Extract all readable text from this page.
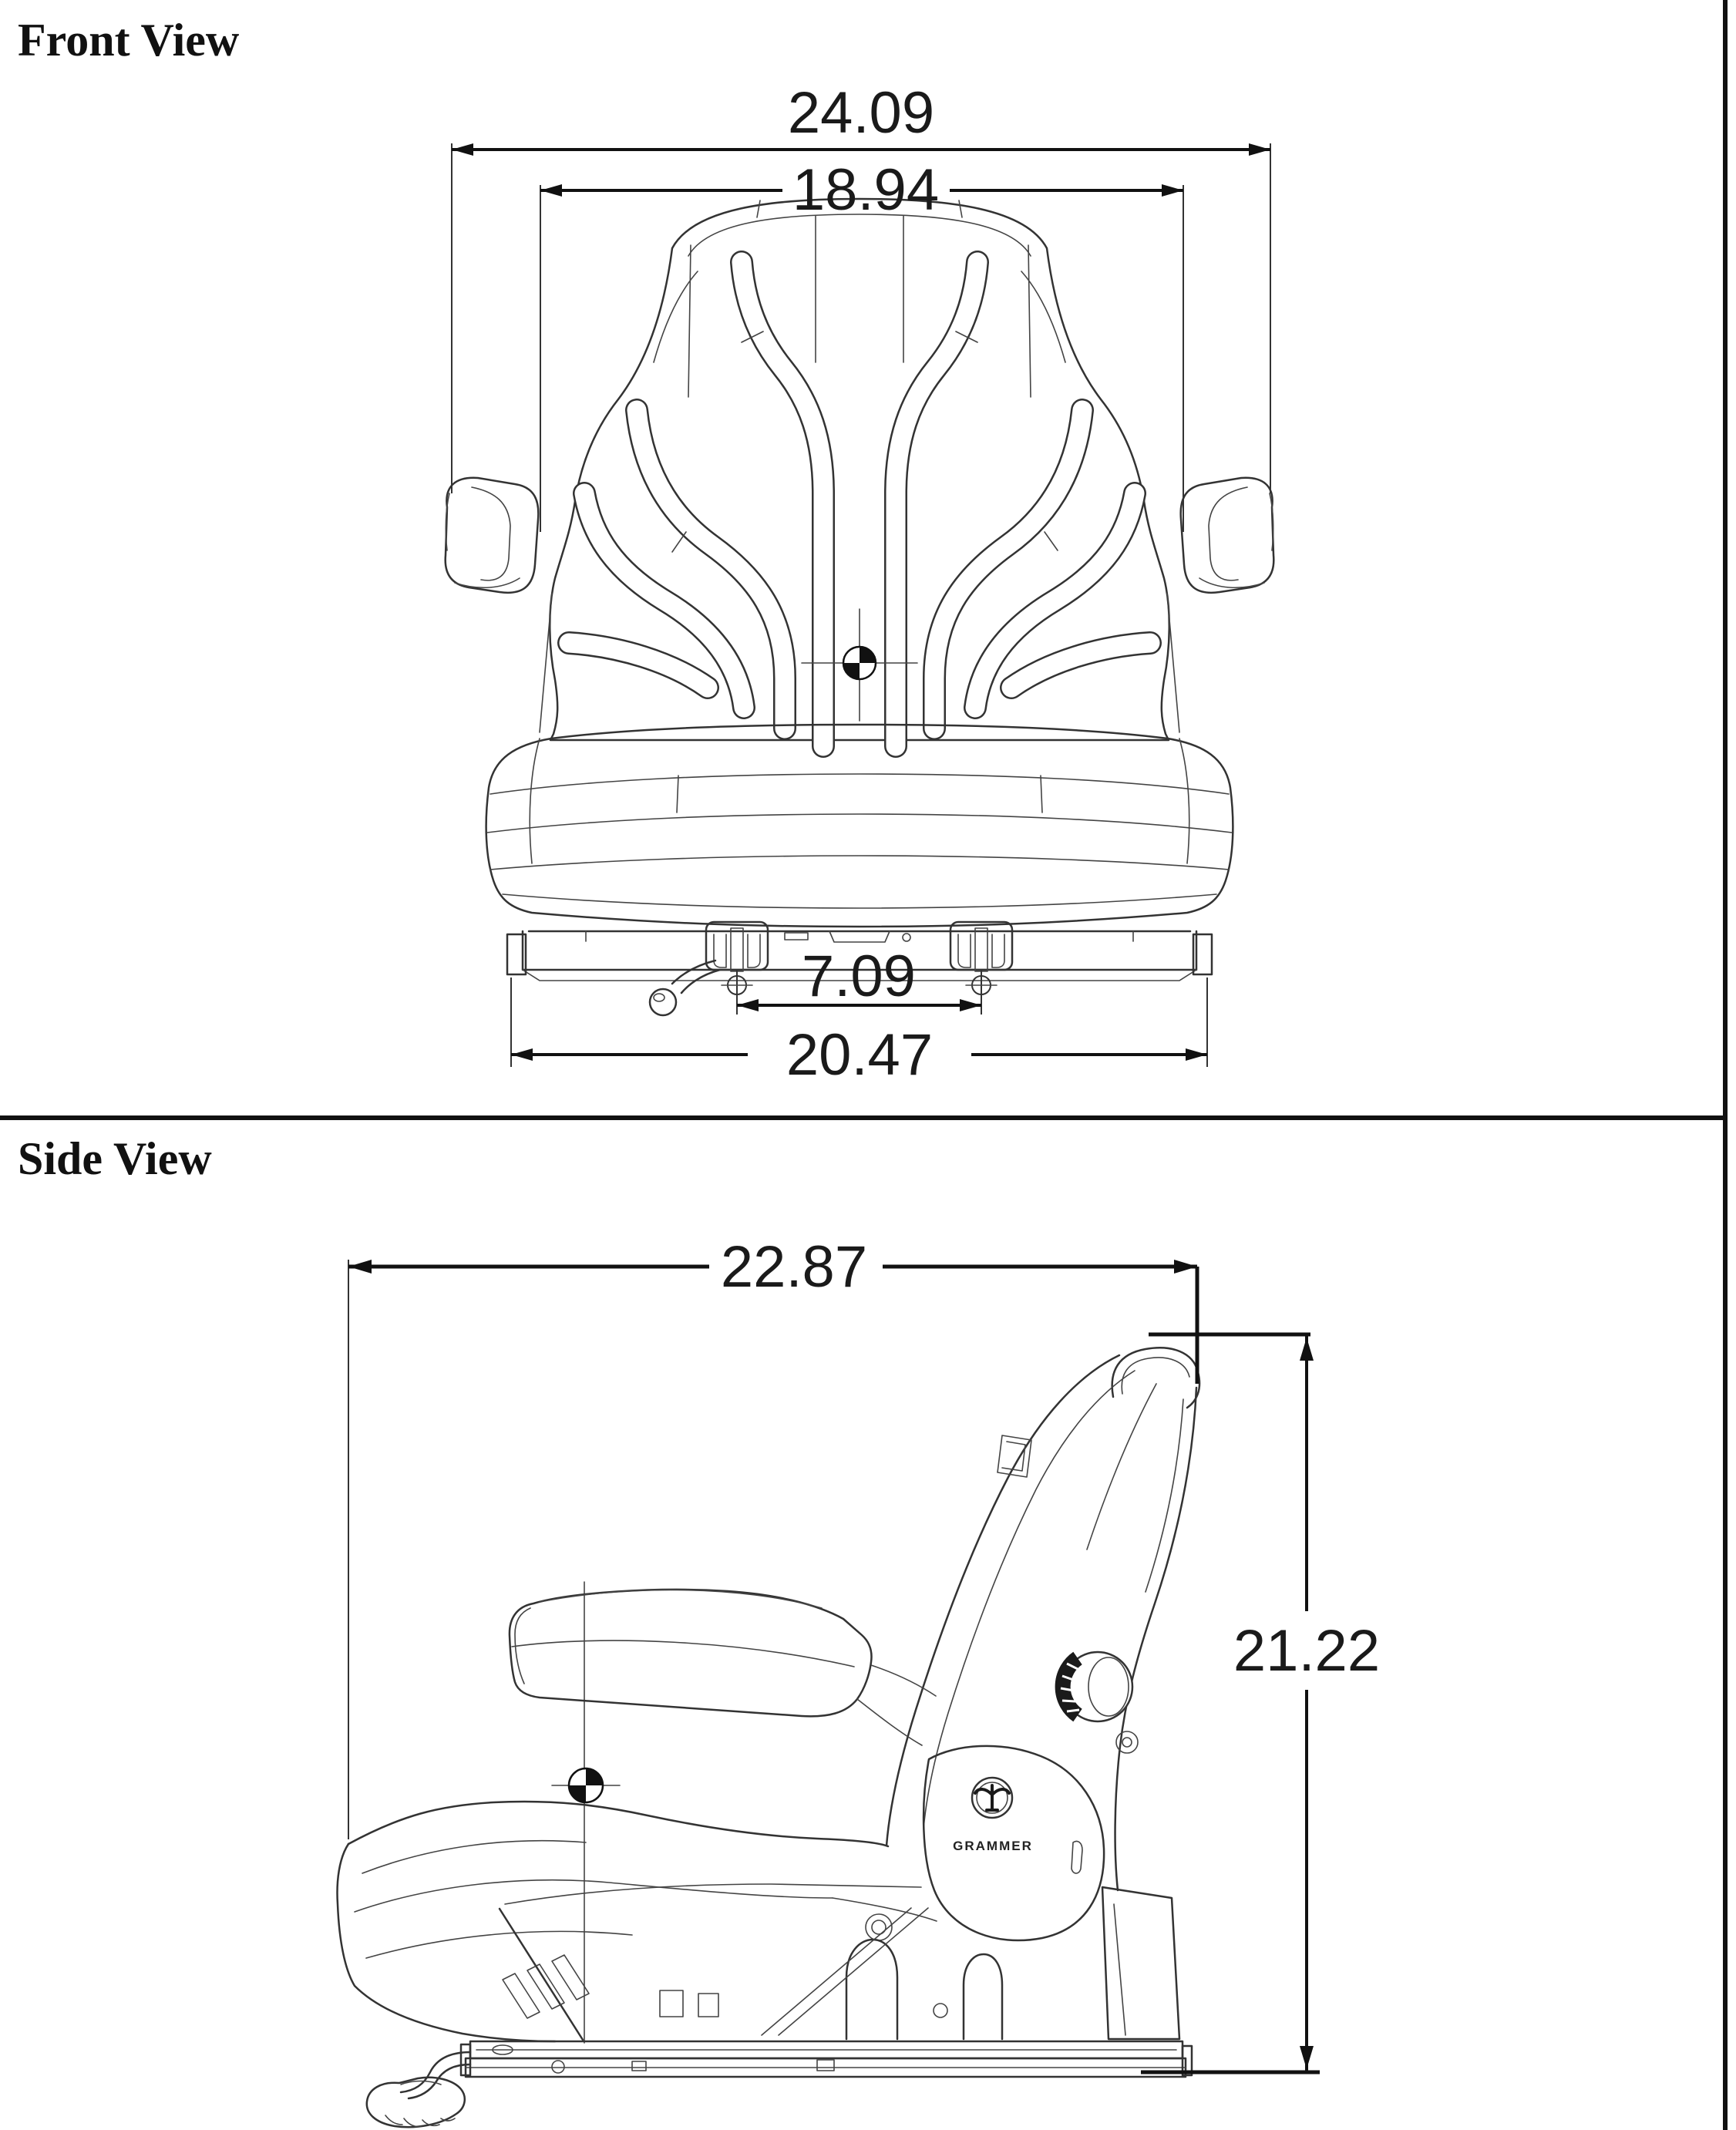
Front View
24.09
18.94
7.09
20.47
Side View
GRAMMER
22.87
21.22
